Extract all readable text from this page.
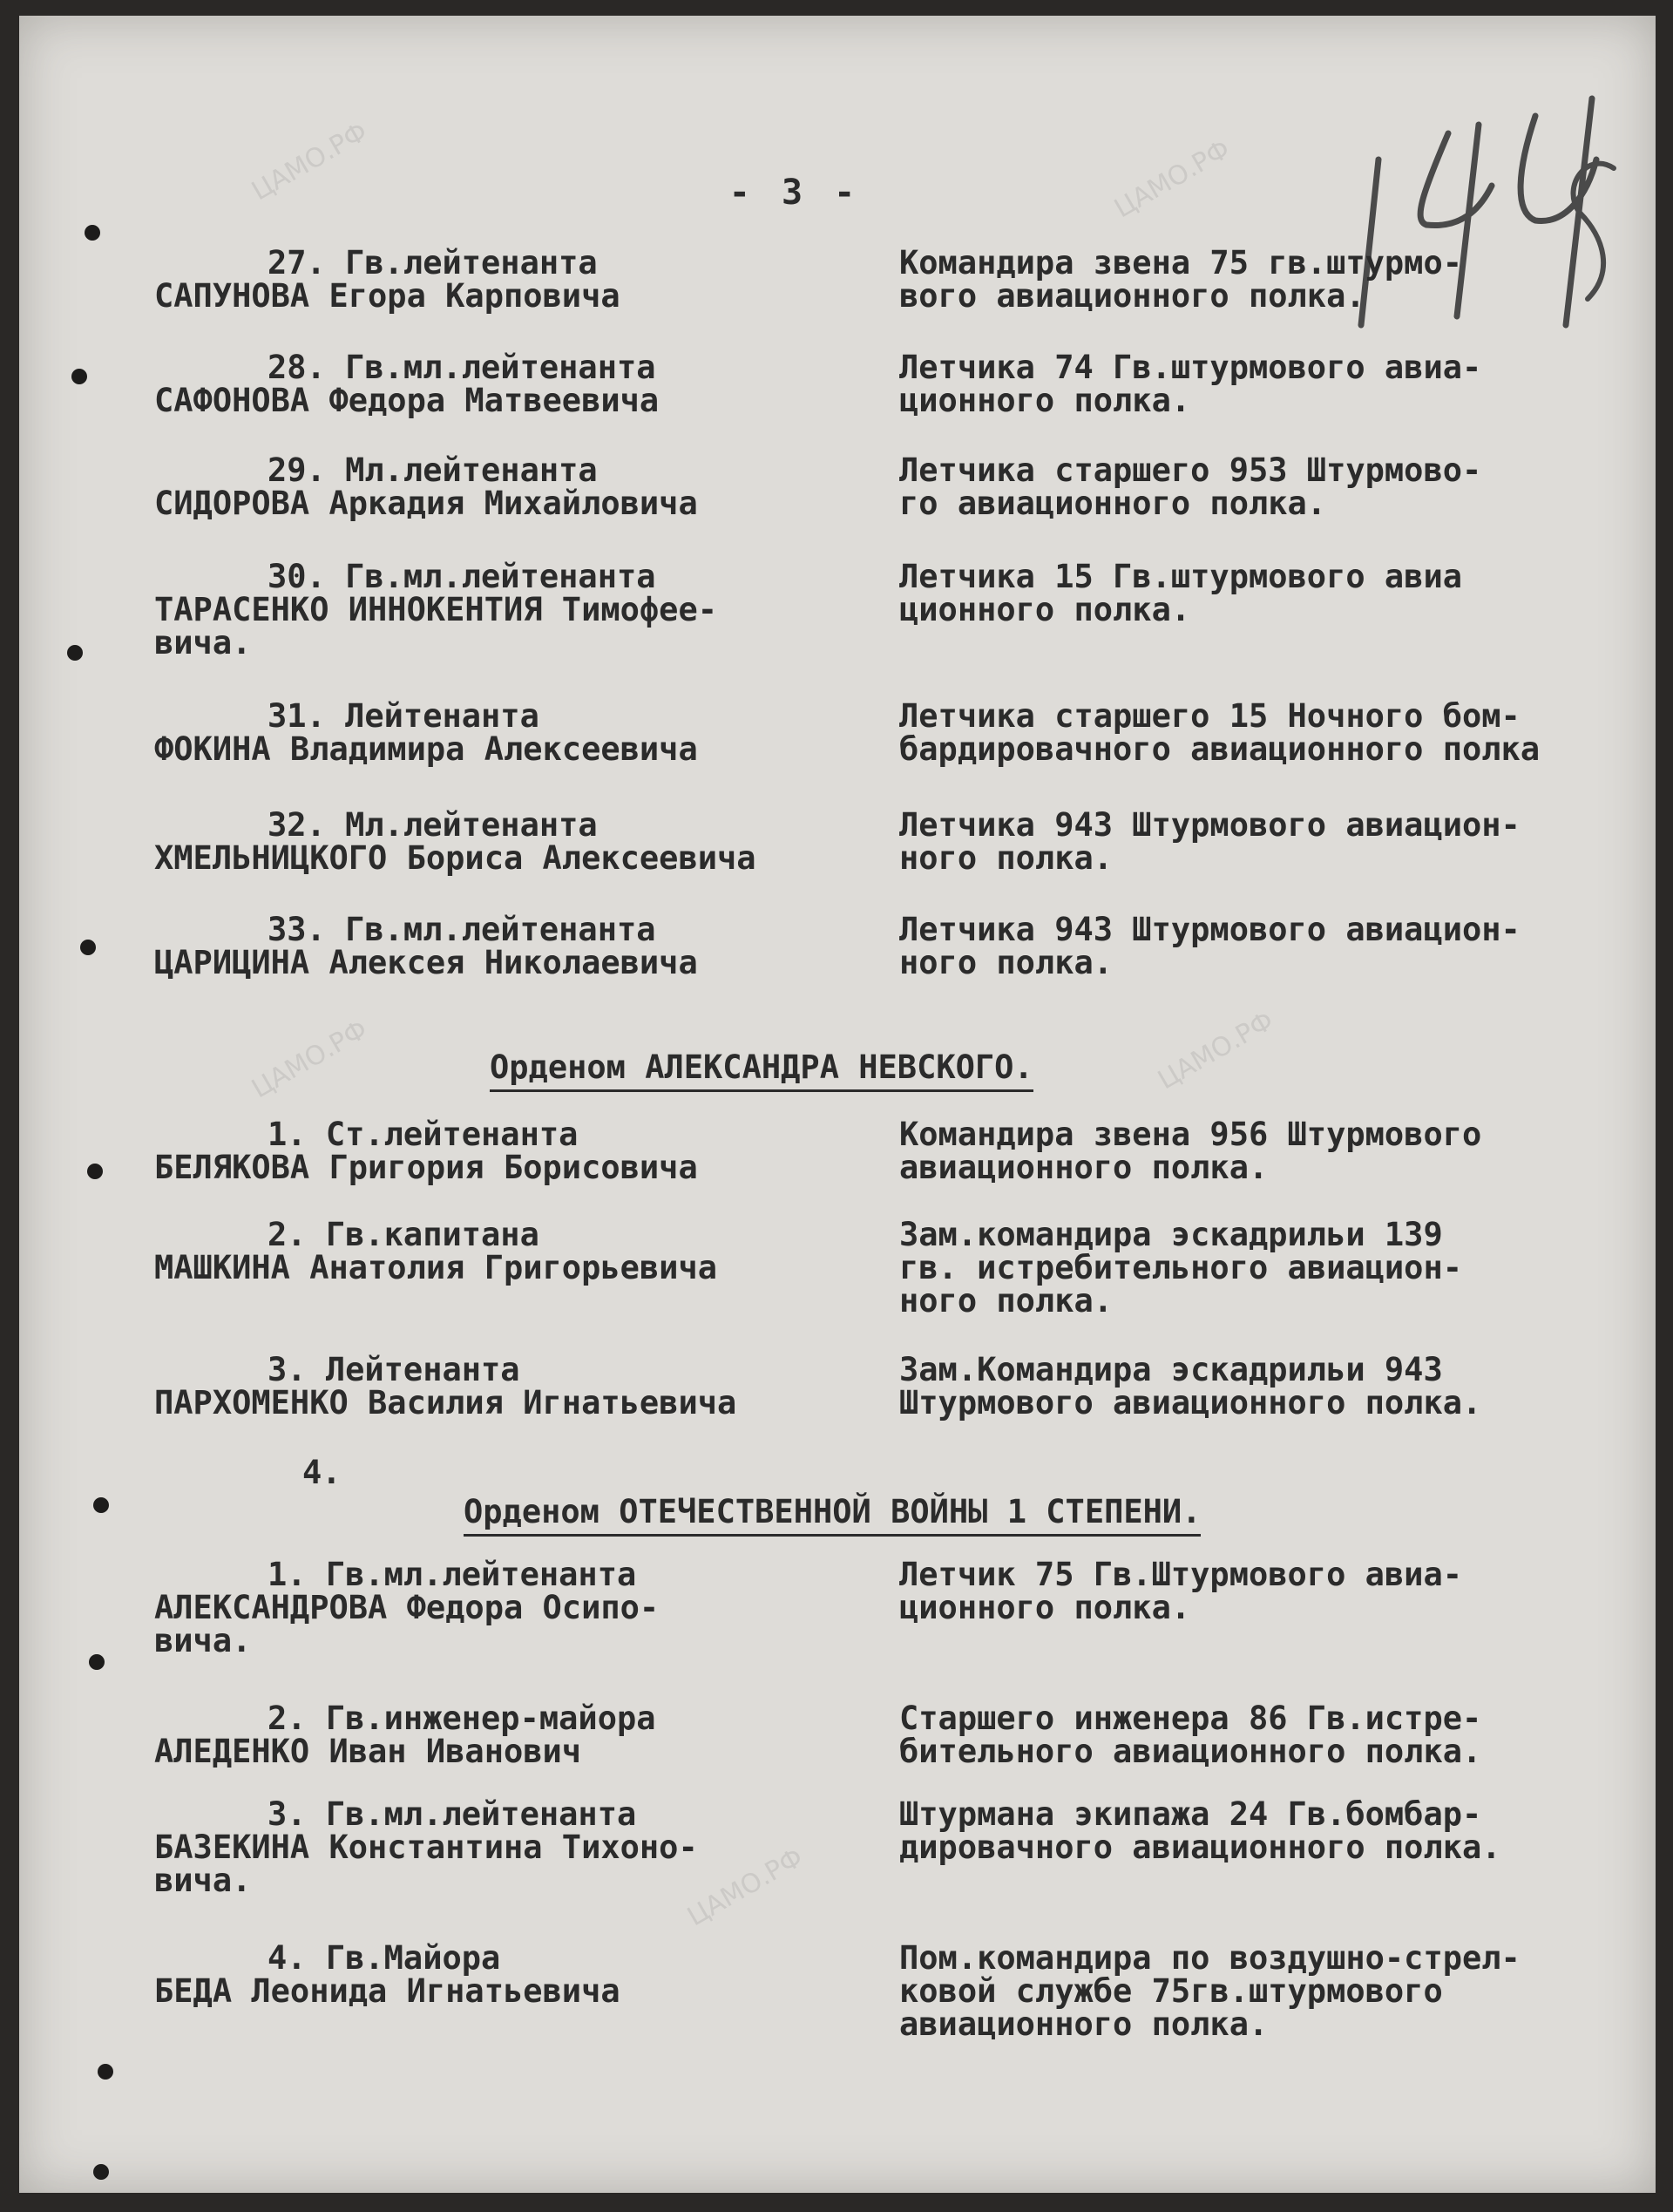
ЦАМО.РФ	ЦАМО.РФ
ЦАМО.РФ	ЦАМО.РФ
ЦАМО.РФ
- 3 -
27. Гв.лейтенанта
САПУНОВА Егора Карповича
Командира звена 75 гв.штурмо-
вого авиационного полка.
28. Гв.мл.лейтенанта
САФОНОВА Федора Матвеевича
Летчика 74 Гв.штурмового авиа-
ционного полка.
29. Мл.лейтенанта
СИДОРОВА Аркадия Михайловича
Летчика старшего 953 Штурмово-
го авиационного полка.
30. Гв.мл.лейтенанта
ТАРАСЕНКО ИННОКЕНТИЯ Тимофее-
вича.
Летчика 15 Гв.штурмового авиа
ционного полка.
31. Лейтенанта
ФОКИНА Владимира Алексеевича
Летчика старшего 15 Ночного бом-
бардировачного авиационного полка
32. Мл.лейтенанта
ХМЕЛЬНИЦКОГО Бориса Алексеевича
Летчика 943 Штурмового авиацион-
ного полка.
33. Гв.мл.лейтенанта
ЦАРИЦИНА Алексея Николаевича
Летчика 943 Штурмового авиацион-
ного полка.
Орденом АЛЕКСАНДРА НЕВСКОГО.
1. Ст.лейтенанта
БЕЛЯКОВА Григория Борисовича
Командира звена 956 Штурмового
авиационного полка.
2. Гв.капитана
МАШКИНА Анатолия Григорьевича
Зам.командира эскадрильи 139
гв. истребительного авиацион-
ного полка.
3. Лейтенанта
ПАРХОМЕНКО Василия Игнатьевича
Зам.Командира эскадрильи 943
Штурмового авиационного полка.
4.
Орденом ОТЕЧЕСТВЕННОЙ ВОЙНЫ 1 СТЕПЕНИ.
1. Гв.мл.лейтенанта
АЛЕКСАНДРОВА Федора Осипо-
вича.
Летчик 75 Гв.Штурмового авиа-
ционного полка.
2. Гв.инженер-майора
АЛЕДЕНКО Иван Иванович
Старшего инженера 86 Гв.истре-
бительного авиационного полка.
3. Гв.мл.лейтенанта
БАЗЕКИНА Константина Тихоно-
вича.
Штурмана экипажа 24 Гв.бомбар-
дировачного авиационного полка.
4. Гв.Майора
БЕДА Леонида Игнатьевича
Пом.командира по воздушно-стрел-
ковой службе 75гв.штурмового
авиационного полка.
